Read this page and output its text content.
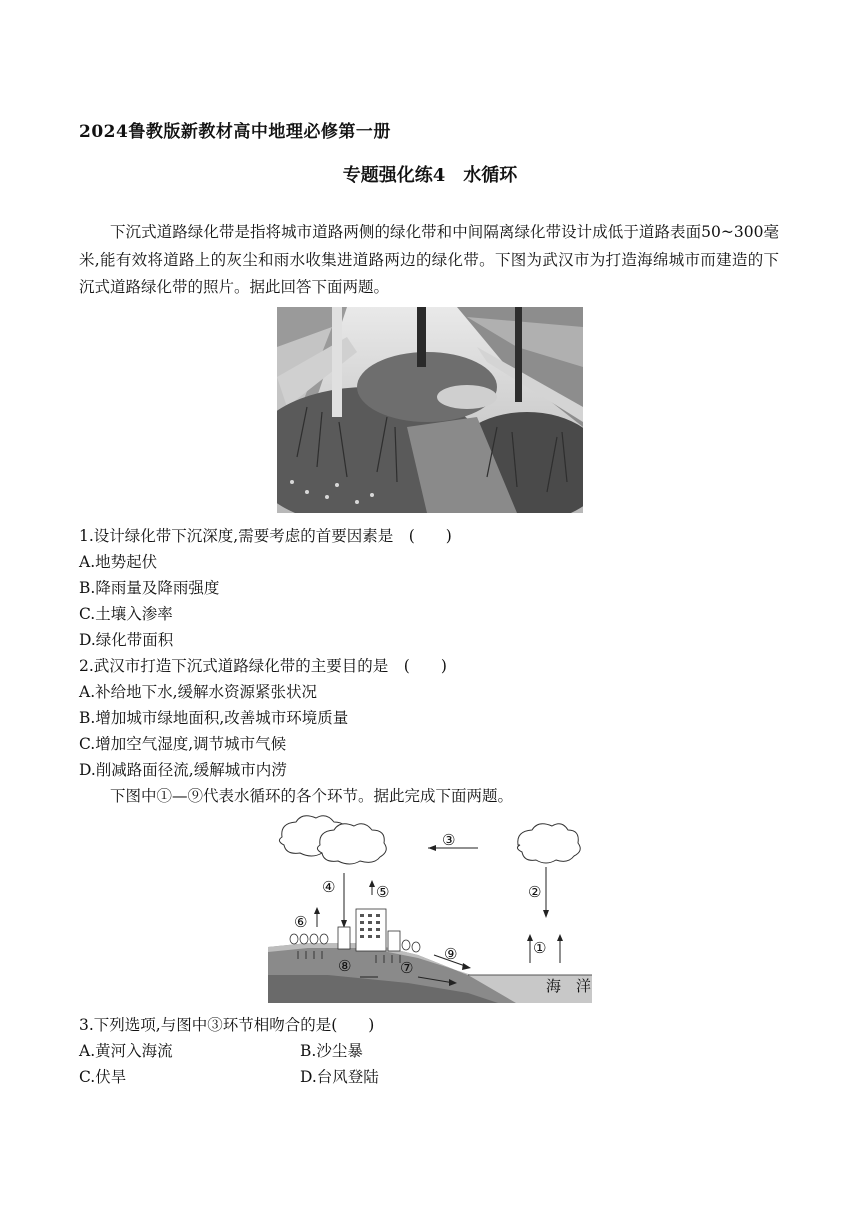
2024鲁教版新教材高中地理必修第一册
专题强化练4　水循环
下沉式道路绿化带是指将城市道路两侧的绿化带和中间隔离绿化带设计成低于道路表面50~300毫米,能有效将道路上的灰尘和雨水收集进道路两边的绿化带。下图为武汉市为打造海绵城市而建造的下沉式道路绿化带的照片。据此回答下面两题。
1.设计绿化带下沉深度,需要考虑的首要因素是　(　　)
A.地势起伏
B.降雨量及降雨强度
C.土壤入渗率
D.绿化带面积
2.武汉市打造下沉式道路绿化带的主要目的是　(　　)
A.补给地下水,缓解水资源紧张状况
B.增加城市绿地面积,改善城市环境质量
C.增加空气湿度,调节城市气候
D.削减路面径流,缓解城市内涝
下图中①—⑨代表水循环的各个环节。据此完成下面两题。
③
②
④	⑤
⑥
①
⑧	⑦
⑨
海　洋
3.下列选项,与图中③环节相吻合的是(　　)
A.黄河入海流	B.沙尘暴
C.伏旱	D.台风登陆
